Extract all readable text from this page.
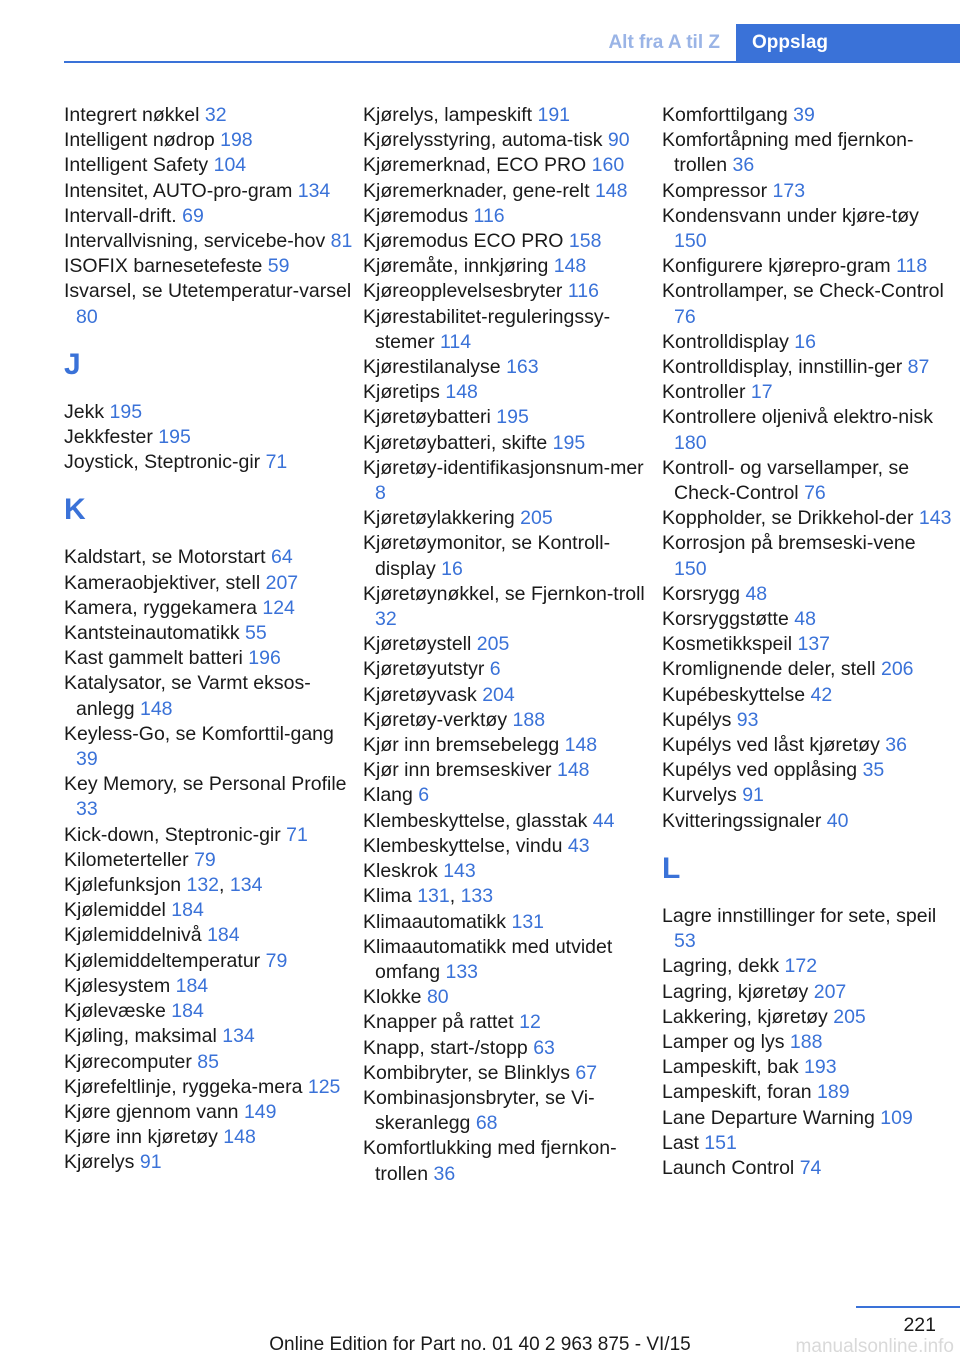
Alt fra A til Z	Oppslag
Integrert nøkkel 32
Intelligent nødrop 198
Intelligent Safety 104
Intensitet, AUTO-pro‐gram 134
Intervall-drift. 69
Intervallvisning, servicebe‐hov 81
ISOFIX barnesetefeste 59
Isvarsel, se Utetemperatur‐varsel 80
J
Jekk 195
Jekkfester 195
Joystick, Steptronic-gir 71
K
Kaldstart, se Motorstart 64
Kameraobjektiver, stell 207
Kamera, ryggekamera 124
Kantsteinautomatikk 55
Kast gammelt batteri 196
Katalysator, se Varmt eksos‐anlegg 148
Keyless-Go, se Komforttil‐gang 39
Key Memory, se Personal Profile 33
Kick-down, Steptronic-gir 71
Kilometerteller 79
Kjølefunksjon 132, 134
Kjølemiddel 184
Kjølemiddelnivå 184
Kjølemiddeltemperatur 79
Kjølesystem 184
Kjølevæske 184
Kjøling, maksimal 134
Kjørecomputer 85
Kjørefeltlinje, ryggeka‐mera 125
Kjøre gjennom vann 149
Kjøre inn kjøretøy 148
Kjørelys 91
Kjørelys, lampeskift 191
Kjørelysstyring, automa‐tisk 90
Kjøremerknad, ECO PRO 160
Kjøremerknader, gene‐relt 148
Kjøremodus 116
Kjøremodus ECO PRO 158
Kjøremåte, innkjøring 148
Kjøreopplevelsesbryter 116
Kjørestabilitet-reguleringssy‐stemer 114
Kjørestilanalyse 163
Kjøretips 148
Kjøretøybatteri 195
Kjøretøybatteri, skifte 195
Kjøretøy-identifikasjonsnum‐mer 8
Kjøretøylakkering 205
Kjøretøymonitor, se Kontroll‐display 16
Kjøretøynøkkel, se Fjernkon‐troll 32
Kjøretøystell 205
Kjøretøyutstyr 6
Kjøretøyvask 204
Kjøretøy-verktøy 188
Kjør inn bremsebelegg 148
Kjør inn bremseskiver 148
Klang 6
Klembeskyttelse, glasstak 44
Klembeskyttelse, vindu 43
Kleskrok 143
Klima 131, 133
Klimaautomatikk 131
Klimaautomatikk med utvidet omfang 133
Klokke 80
Knapper på rattet 12
Knapp, start-/stopp 63
Kombibryter, se Blinklys 67
Kombinasjonsbryter, se Vi‐skeranlegg 68
Komfortlukking med fjernkon‐trollen 36
Komforttilgang 39
Komfortåpning med fjernkon‐trollen 36
Kompressor 173
Kondensvann under kjøre‐tøy 150
Konfigurere kjørepro‐gram 118
Kontrollamper, se Check-Control 76
Kontrolldisplay 16
Kontrolldisplay, innstillin‐ger 87
Kontroller 17
Kontrollere oljenivå elektro‐nisk 180
Kontroll- og varsellamper, se Check-Control 76
Koppholder, se Drikkehol‐der 143
Korrosjon på bremseski‐vene 150
Korsrygg 48
Korsryggstøtte 48
Kosmetikkspeil 137
Kromlignende deler, stell 206
Kupébeskyttelse 42
Kupélys 93
Kupélys ved låst kjøretøy 36
Kupélys ved opplåsing 35
Kurvelys 91
Kvitteringssignaler 40
L
Lagre innstillinger for sete, speil 53
Lagring, dekk 172
Lagring, kjøretøy 207
Lakkering, kjøretøy 205
Lamper og lys 188
Lampeskift, bak 193
Lampeskift, foran 189
Lane Departure Warning 109
Last 151
Launch Control 74
221
Online Edition for Part no. 01 40 2 963 875 - VI/15	manualsonline.info
